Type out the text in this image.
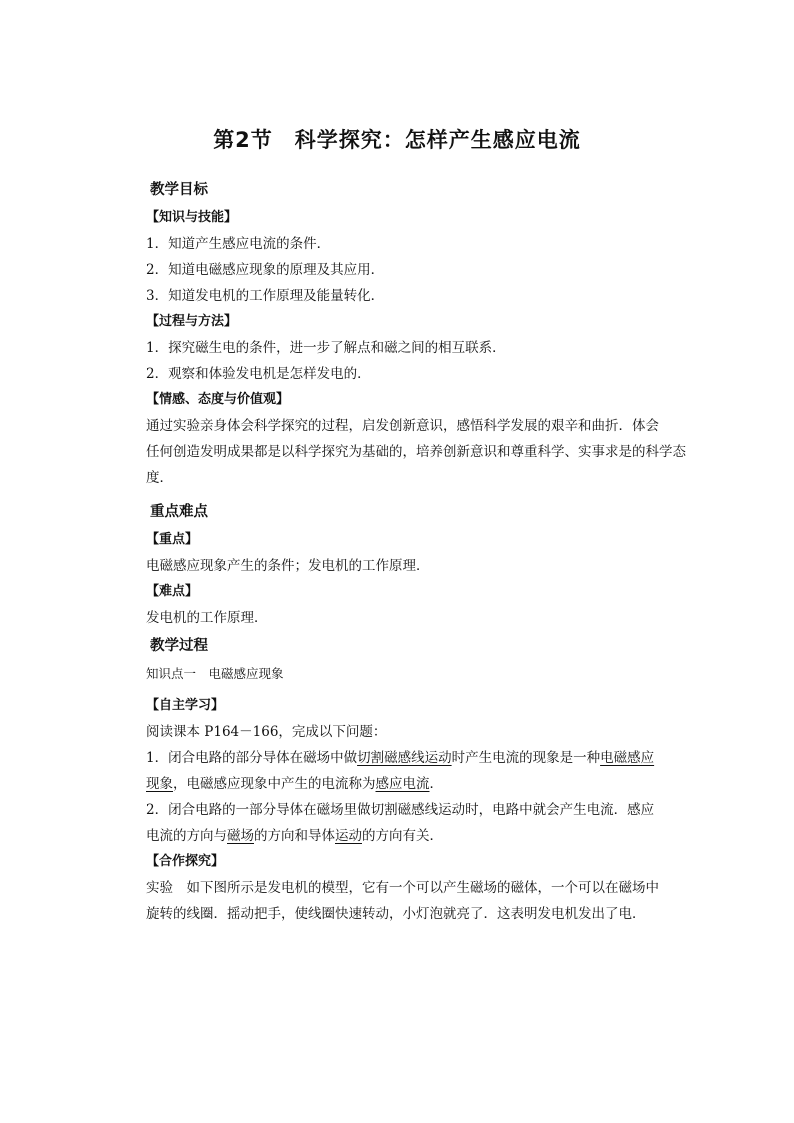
第2节　科学探究：怎样产生感应电流
教学目标
【知识与技能】
1．知道产生感应电流的条件．
2．知道电磁感应现象的原理及其应用．
3．知道发电机的工作原理及能量转化．
【过程与方法】
1．探究磁生电的条件，进一步了解点和磁之间的相互联系．
2．观察和体验发电机是怎样发电的．
【情感、态度与价值观】
通过实验亲身体会科学探究的过程，启发创新意识，感悟科学发展的艰辛和曲折．体会
任何创造发明成果都是以科学探究为基础的，培养创新意识和尊重科学、实事求是的科学态
度．
重点难点
【重点】
电磁感应现象产生的条件；发电机的工作原理．
【难点】
发电机的工作原理．
教学过程
知识点一　电磁感应现象
【自主学习】
阅读课本 P164－166，完成以下问题：
1．闭合电路的部分导体在磁场中做切割磁感线运动时产生电流的现象是一种电磁感应
现象，电磁感应现象中产生的电流称为感应电流．
2．闭合电路的一部分导体在磁场里做切割磁感线运动时，电路中就会产生电流．感应
电流的方向与磁场的方向和导体运动的方向有关．
【合作探究】
实验　如下图所示是发电机的模型，它有一个可以产生磁场的磁体，一个可以在磁场中
旋转的线圈．摇动把手，使线圈快速转动，小灯泡就亮了．这表明发电机发出了电．
